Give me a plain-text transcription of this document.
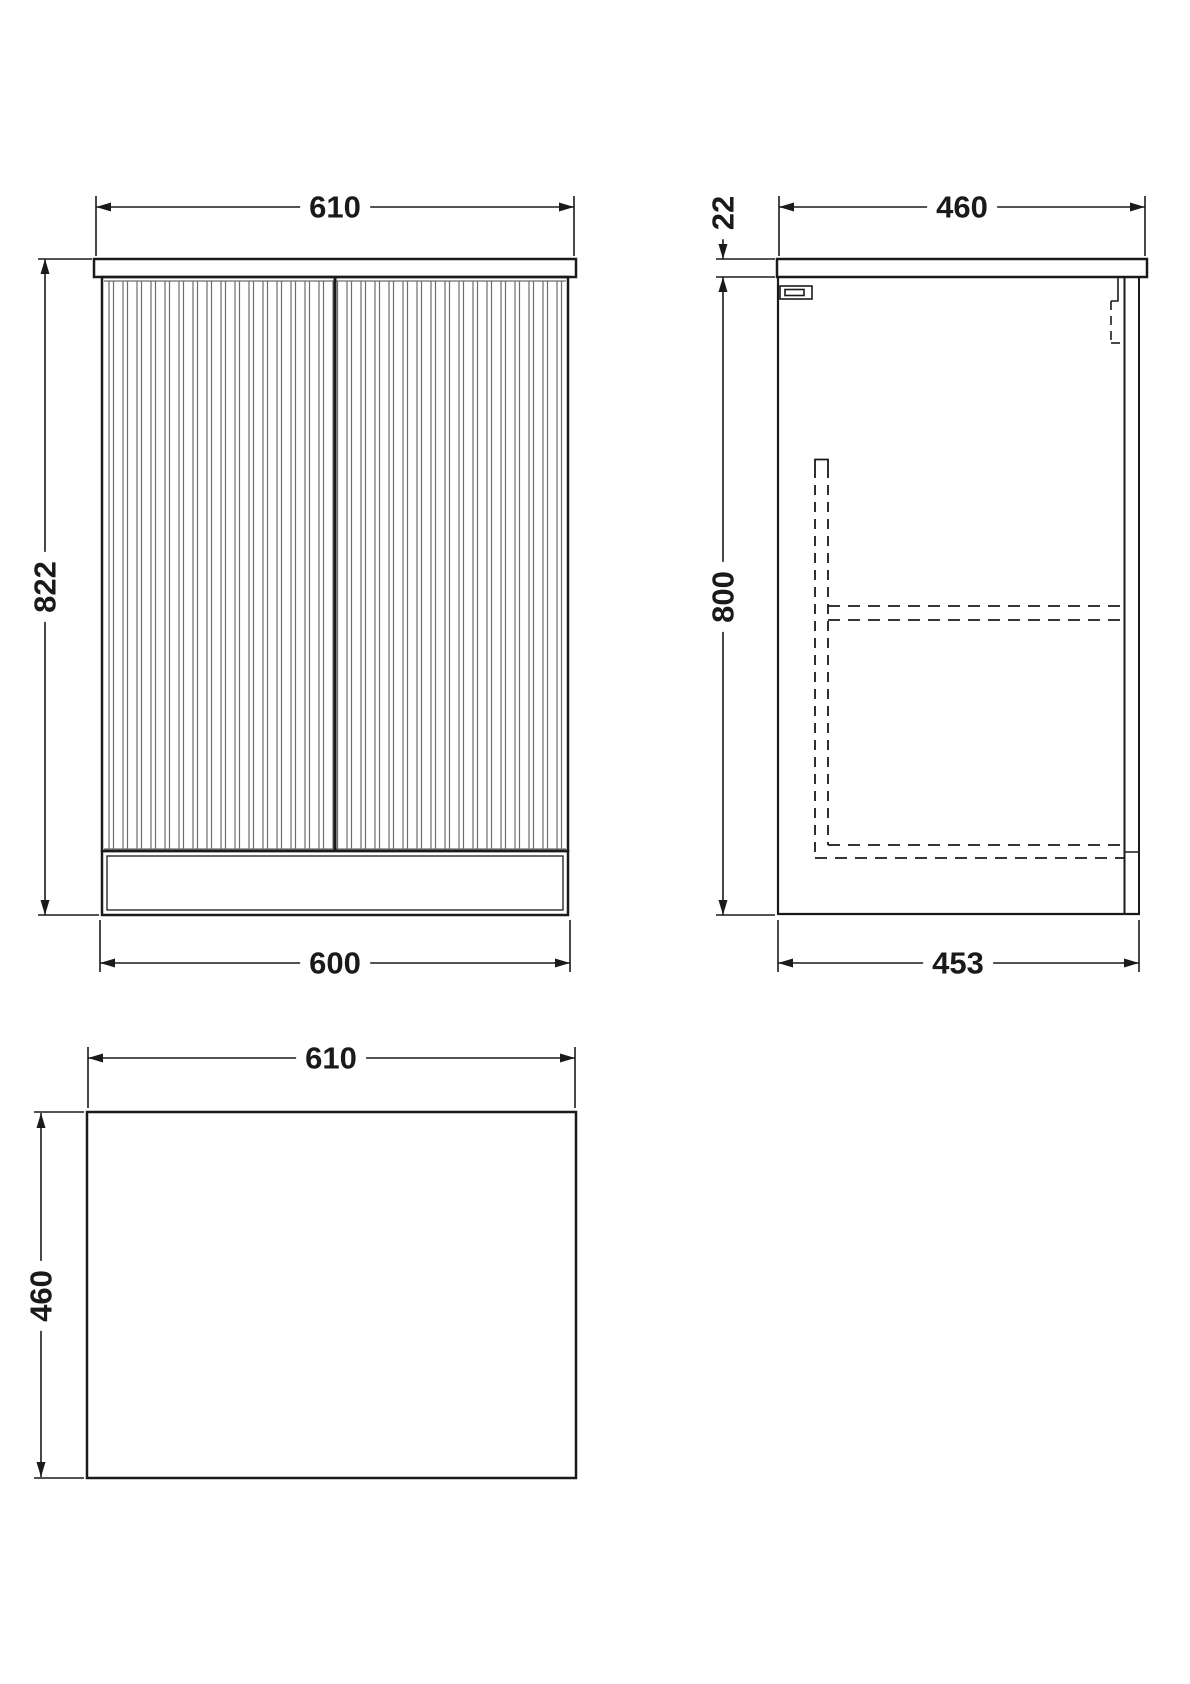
610
822
600
460
22
800
453
610
460
